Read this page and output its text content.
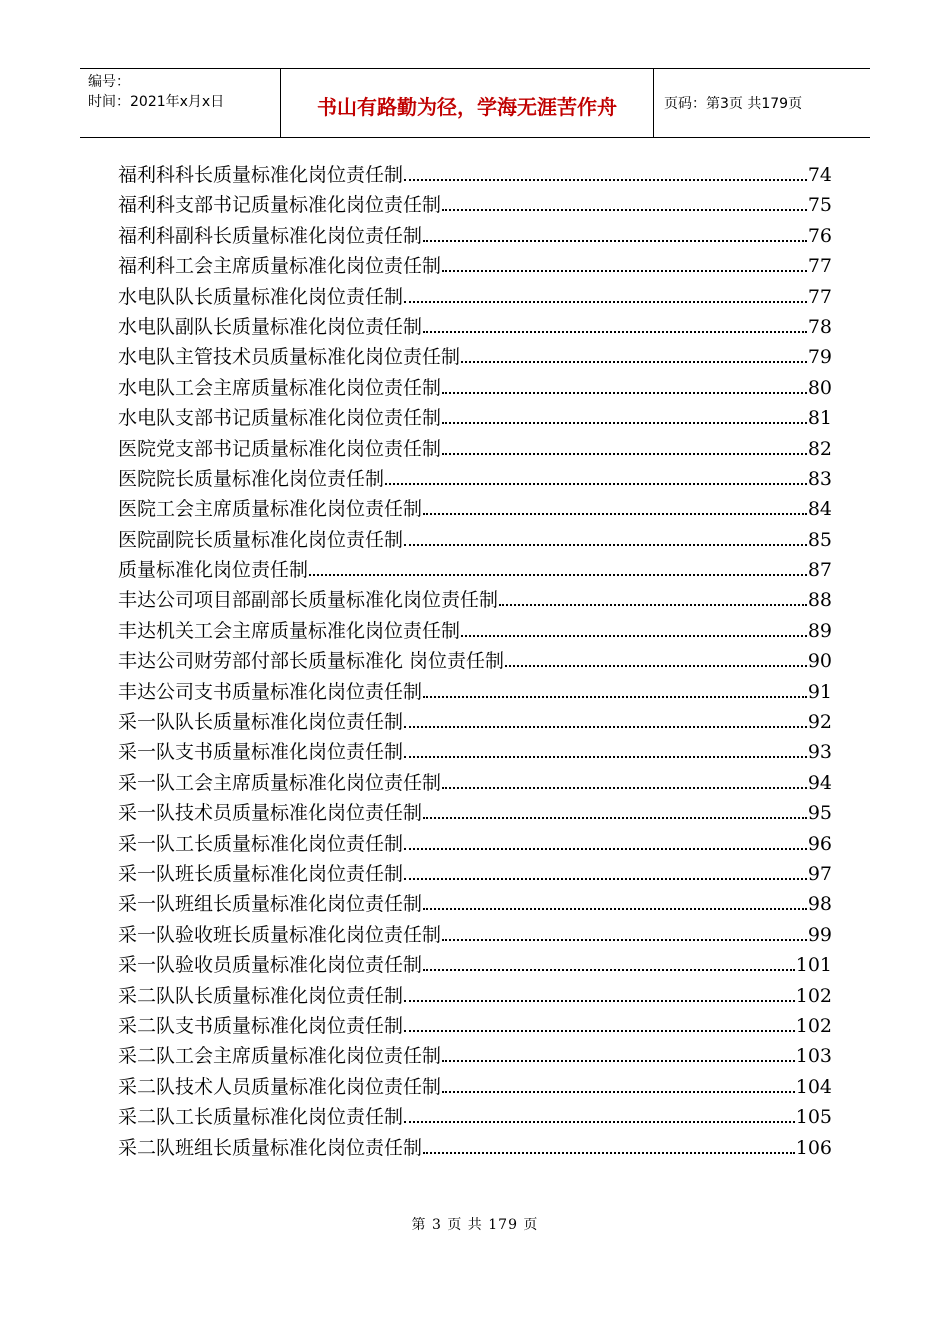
编号：
时间：2021年x月x日	书山有路勤为径，学海无涯苦作舟	页码：第3页 共179页
福利科科长质量标准化岗位责任制	74
福利科支部书记质量标准化岗位责任制	75
福利科副科长质量标准化岗位责任制	76
福利科工会主席质量标准化岗位责任制	77
水电队队长质量标准化岗位责任制	77
水电队副队长质量标准化岗位责任制	78
水电队主管技术员质量标准化岗位责任制	79
水电队工会主席质量标准化岗位责任制	80
水电队支部书记质量标准化岗位责任制	81
医院党支部书记质量标准化岗位责任制	82
医院院长质量标准化岗位责任制	83
医院工会主席质量标准化岗位责任制	84
医院副院长质量标准化岗位责任制	85
质量标准化岗位责任制	87
丰达公司项目部副部长质量标准化岗位责任制	88
丰达机关工会主席质量标准化岗位责任制	89
丰达公司财劳部付部长质量标准化 岗位责任制	90
丰达公司支书质量标准化岗位责任制	91
采一队队长质量标准化岗位责任制	92
采一队支书质量标准化岗位责任制	93
采一队工会主席质量标准化岗位责任制	94
采一队技术员质量标准化岗位责任制	95
采一队工长质量标准化岗位责任制	96
采一队班长质量标准化岗位责任制	97
采一队班组长质量标准化岗位责任制	98
采一队验收班长质量标准化岗位责任制	99
采一队验收员质量标准化岗位责任制	101
采二队队长质量标准化岗位责任制	102
采二队支书质量标准化岗位责任制	102
采二队工会主席质量标准化岗位责任制	103
采二队技术人员质量标准化岗位责任制	104
采二队工长质量标准化岗位责任制	105
采二队班组长质量标准化岗位责任制	106
第 3 页 共 179 页
